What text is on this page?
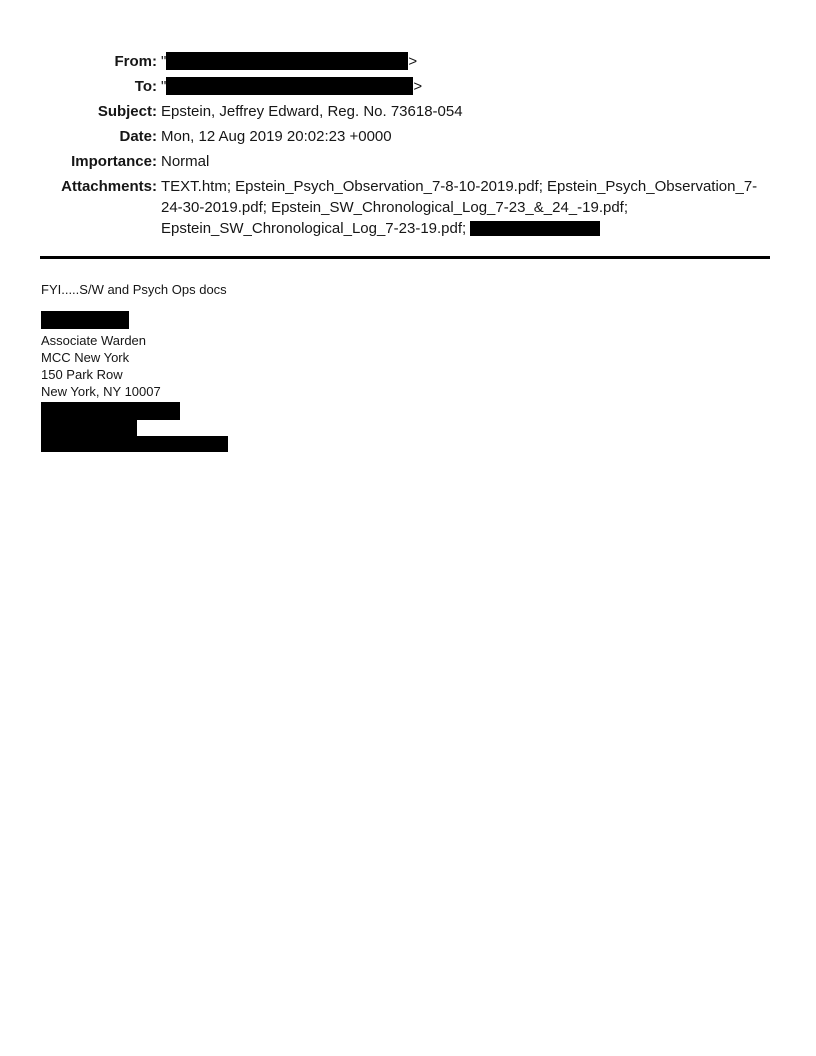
From: "	>
To: "	>
Subject: Epstein, Jeffrey Edward, Reg. No. 73618-054
Date: Mon, 12 Aug 2019 20:02:23 +0000
Importance: Normal
Attachments: TEXT.htm; Epstein_Psych_Observation_7-8-10-2019.pdf; Epstein_Psych_Observation_7-24-30-2019.pdf; Epstein_SW_Chronological_Log_7-23_&_24_-19.pdf; Epstein_SW_Chronological_Log_7-23-19.pdf;

FYI.....S/W and Psych Ops docs

Associate Warden
MCC New York
150 Park Row
New York, NY 10007
